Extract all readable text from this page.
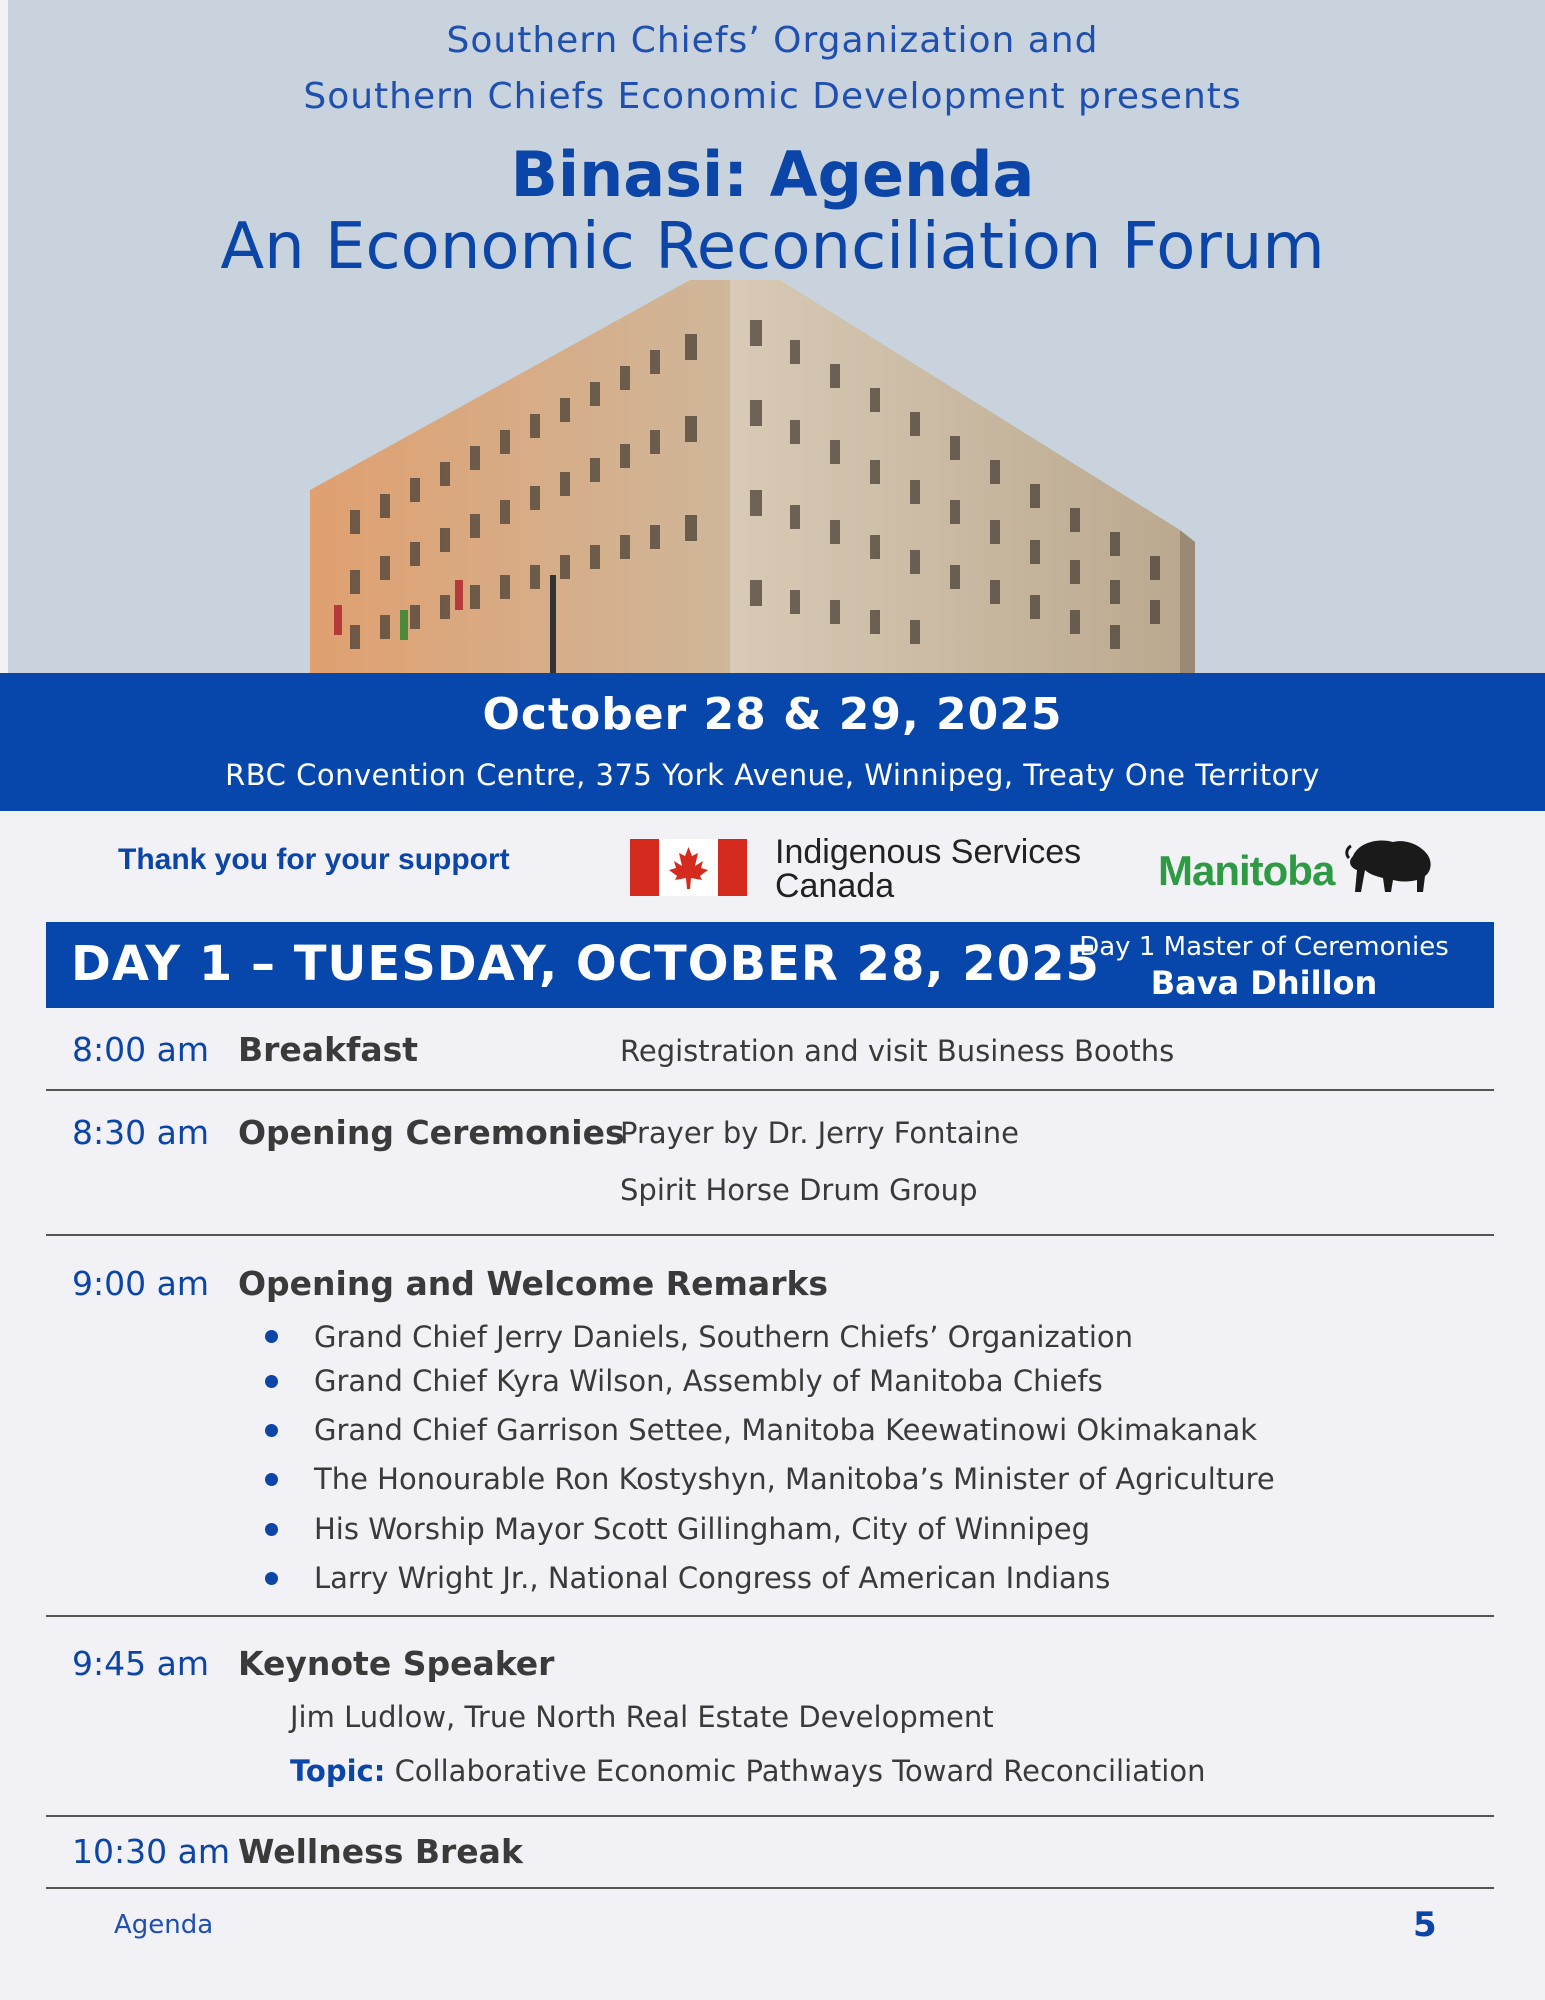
Southern Chiefs’ Organization and
Southern Chiefs Economic Development presents
Binasi: Agenda
An Economic Reconciliation Forum
October 28 & 29, 2025
RBC Convention Centre, 375 York Avenue, Winnipeg, Treaty One Territory
Thank you for your support	Indigenous Services
Canada	Manitoba
DAY 1 – TUESDAY, OCTOBER 28, 2025
Day 1 Master of Ceremonies
Bava Dhillon
8:00 am Breakfast	Registration and visit Business Booths
8:30 am Opening Ceremonies
Prayer by Dr. Jerry Fontaine
Spirit Horse Drum Group
9:00 am Opening and Welcome Remarks
Grand Chief Jerry Daniels, Southern Chiefs’ Organization
Grand Chief Kyra Wilson, Assembly of Manitoba Chiefs
Grand Chief Garrison Settee, Manitoba Keewatinowi Okimakanak
The Honourable Ron Kostyshyn, Manitoba’s Minister of Agriculture
His Worship Mayor Scott Gillingham, City of Winnipeg
Larry Wright Jr., National Congress of American Indians
9:45 am Keynote Speaker
Jim Ludlow, True North Real Estate Development
Topic: Collaborative Economic Pathways Toward Reconciliation
10:30 am Wellness Break
Agenda	5
